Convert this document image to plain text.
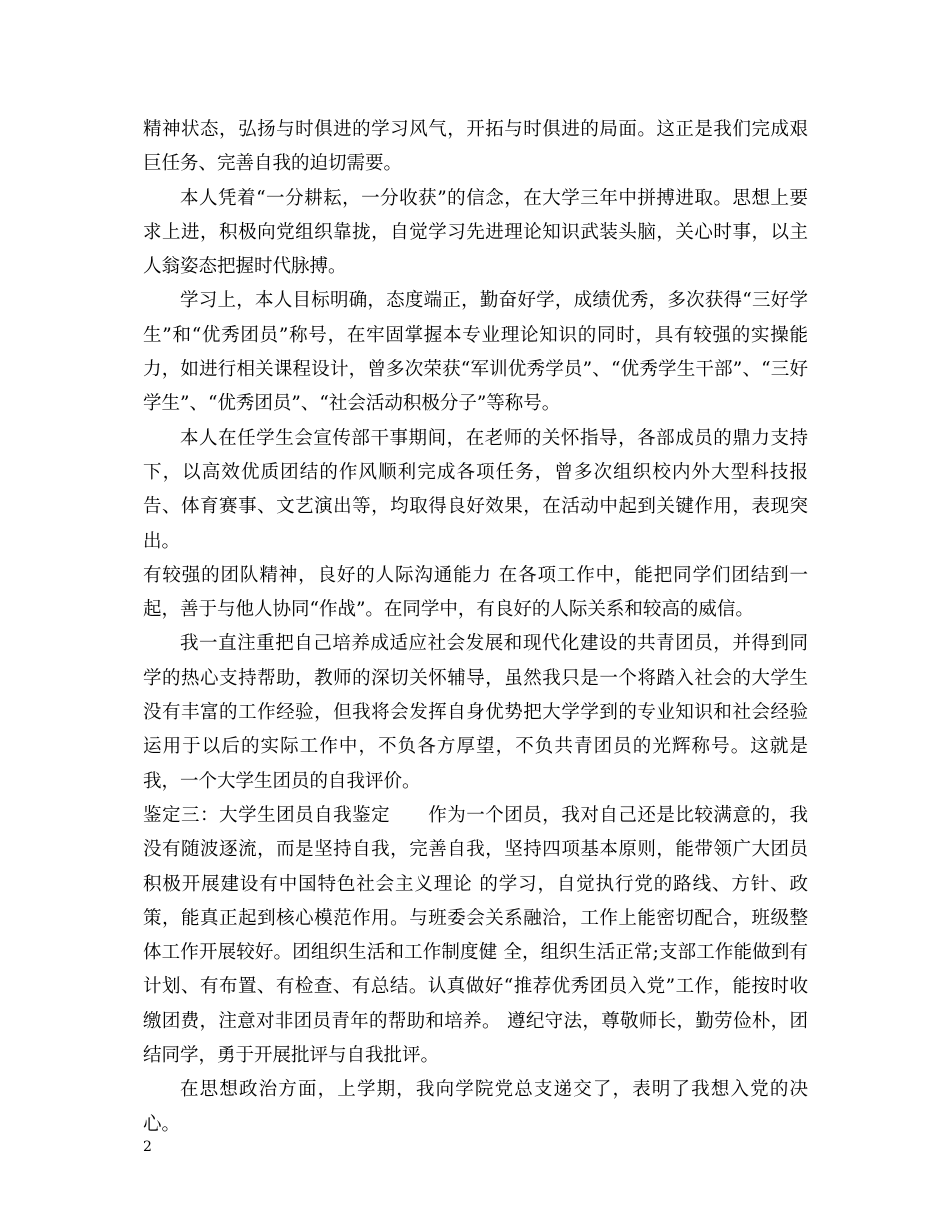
精神状态，弘扬与时俱进的学习风气，开拓与时俱进的局面。这正是我们完成艰巨任务、完善自我的迫切需要。

本人凭着“一分耕耘，一分收获”的信念，在大学三年中拼搏进取。思想上要求上进，积极向党组织靠拢，自觉学习先进理论知识武装头脑，关心时事，以主人翁姿态把握时代脉搏。

学习上，本人目标明确，态度端正，勤奋好学，成绩优秀，多次获得“三好学生”和“优秀团员”称号，在牢固掌握本专业理论知识的同时，具有较强的实操能力，如进行相关课程设计，曾多次荣获“军训优秀学员”、“优秀学生干部”、“三好学生”、“优秀团员”、“社会活动积极分子”等称号。

本人在任学生会宣传部干事期间，在老师的关怀指导，各部成员的鼎力支持下，以高效优质团结的作风顺利完成各项任务，曾多次组织校内外大型科技报告、体育赛事、文艺演出等，均取得良好效果，在活动中起到关键作用，表现突出。

有较强的团队精神，良好的人际沟通能力 在各项工作中，能把同学们团结到一起，善于与他人协同“作战”。在同学中，有良好的人际关系和较高的威信。

我一直注重把自己培养成适应社会发展和现代化建设的共青团员，并得到同学的热心支持帮助，教师的深切关怀辅导，虽然我只是一个将踏入社会的大学生没有丰富的工作经验，但我将会发挥自身优势把大学学到的专业知识和社会经验运用于以后的实际工作中，不负各方厚望，不负共青团员的光辉称号。这就是我，一个大学生团员的自我评价。

鉴定三：大学生团员自我鉴定　　作为一个团员，我对自己还是比较满意的，我没有随波逐流，而是坚持自我，完善自我，坚持四项基本原则，能带领广大团员积极开展建设有中国特色社会主义理论 的学习，自觉执行党的路线、方针、政策，能真正起到核心模范作用。与班委会关系融洽，工作上能密切配合，班级整体工作开展较好。团组织生活和工作制度健 全，组织生活正常;支部工作能做到有计划、有布置、有检查、有总结。认真做好“推荐优秀团员入党”工作，能按时收缴团费，注意对非团员青年的帮助和培养。 遵纪守法，尊敬师长，勤劳俭朴，团结同学，勇于开展批评与自我批评。

在思想政治方面，上学期，我向学院党总支递交了，表明了我想入党的决心。

2
